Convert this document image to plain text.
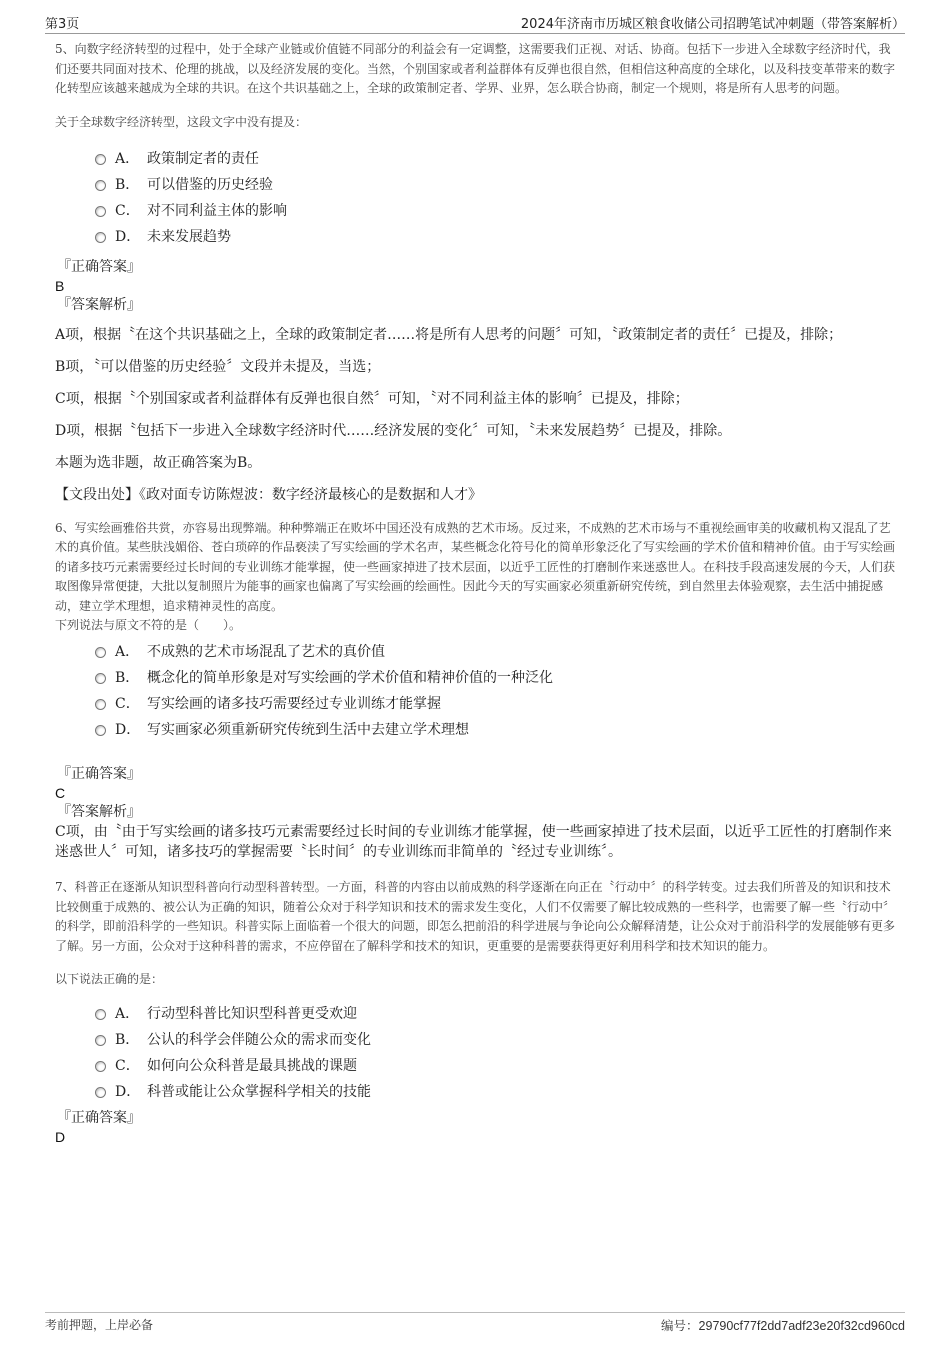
第3页	2024年济南市历城区粮食收储公司招聘笔试冲刺题（带答案解析）
5、向数字经济转型的过程中，处于全球产业链或价值链不同部分的利益会有一定调整，这需要我们正视、对话、协商。包括下一步进入全球数字经济时代，我们还要共同面对技术、伦理的挑战，以及经济发展的变化。当然，个别国家或者利益群体有反弹也很自然，但相信这种高度的全球化，以及科技变革带来的数字化转型应该越来越成为全球的共识。在这个共识基础之上，全球的政策制定者、学界、业界，怎么联合协商，制定一个规则，将是所有人思考的问题。
关于全球数字经济转型，这段文字中没有提及：
A． 政策制定者的责任
B． 可以借鉴的历史经验
C． 对不同利益主体的影响
D． 未来发展趋势
『正确答案』
B
『答案解析』

A项，根据〝在这个共识基础之上，全球的政策制定者……将是所有人思考的问题〞可知，〝政策制定者的责任〞已提及，排除；

B项，〝可以借鉴的历史经验〞文段并未提及，当选；

C项，根据〝个别国家或者利益群体有反弹也很自然〞可知，〝对不同利益主体的影响〞已提及，排除；

D项，根据〝包括下一步进入全球数字经济时代……经济发展的变化〞可知，〝未来发展趋势〞已提及，排除。

本题为选非题，故正确答案为B。

【文段出处】《政对面专访陈煜波：数字经济最核心的是数据和人才》
6、写实绘画雅俗共赏，亦容易出现弊端。种种弊端正在败坏中国还没有成熟的艺术市场。反过来，不成熟的艺术市场与不重视绘画审美的收藏机构又混乱了艺术的真价值。某些肤浅媚俗、苍白琐碎的作品亵渎了写实绘画的学术名声，某些概念化符号化的简单形象泛化了写实绘画的学术价值和精神价值。由于写实绘画的诸多技巧元素需要经过长时间的专业训练才能掌握，使一些画家掉进了技术层面，以近乎工匠性的打磨制作来迷惑世人。在科技手段高速发展的今天，人们获取图像异常便捷，大批以复制照片为能事的画家也偏离了写实绘画的绘画性。因此今天的写实画家必须重新研究传统，到自然里去体验观察，去生活中捕捉感动，建立学术理想，追求精神灵性的高度。
下列说法与原文不符的是（　　）。
A． 不成熟的艺术市场混乱了艺术的真价值
B． 概念化的简单形象是对写实绘画的学术价值和精神价值的一种泛化
C． 写实绘画的诸多技巧需要经过专业训练才能掌握
D． 写实画家必须重新研究传统到生活中去建立学术理想
『正确答案』
C
『答案解析』

C项，由〝由于写实绘画的诸多技巧元素需要经过长时间的专业训练才能掌握，使一些画家掉进了技术层面，以近乎工匠性的打磨制作来迷惑世人〞可知，诸多技巧的掌握需要〝长时间〞的专业训练而非简单的〝经过专业训练〞。

7、科普正在逐渐从知识型科普向行动型科普转型。一方面，科普的内容由以前成熟的科学逐渐在向正在〝行动中〞的科学转变。过去我们所普及的知识和技术比较侧重于成熟的、被公认为正确的知识，随着公众对于科学知识和技术的需求发生变化，人们不仅需要了解比较成熟的一些科学，也需要了解一些〝行动中〞的科学，即前沿科学的一些知识。科普实际上面临着一个很大的问题，即怎么把前沿的科学进展与争论向公众解释清楚，让公众对于前沿科学的发展能够有更多了解。另一方面，公众对于这种科普的需求，不应停留在了解科学和技术的知识，更重要的是需要获得更好利用科学和技术知识的能力。
以下说法正确的是：
A． 行动型科普比知识型科普更受欢迎
B． 公认的科学会伴随公众的需求而变化
C． 如何向公众科普是最具挑战的课题
D． 科普或能让公众掌握科学相关的技能
『正确答案』
D
考前押题，上岸必备	编号：29790cf77f2dd7adf23e20f32cd960cd
